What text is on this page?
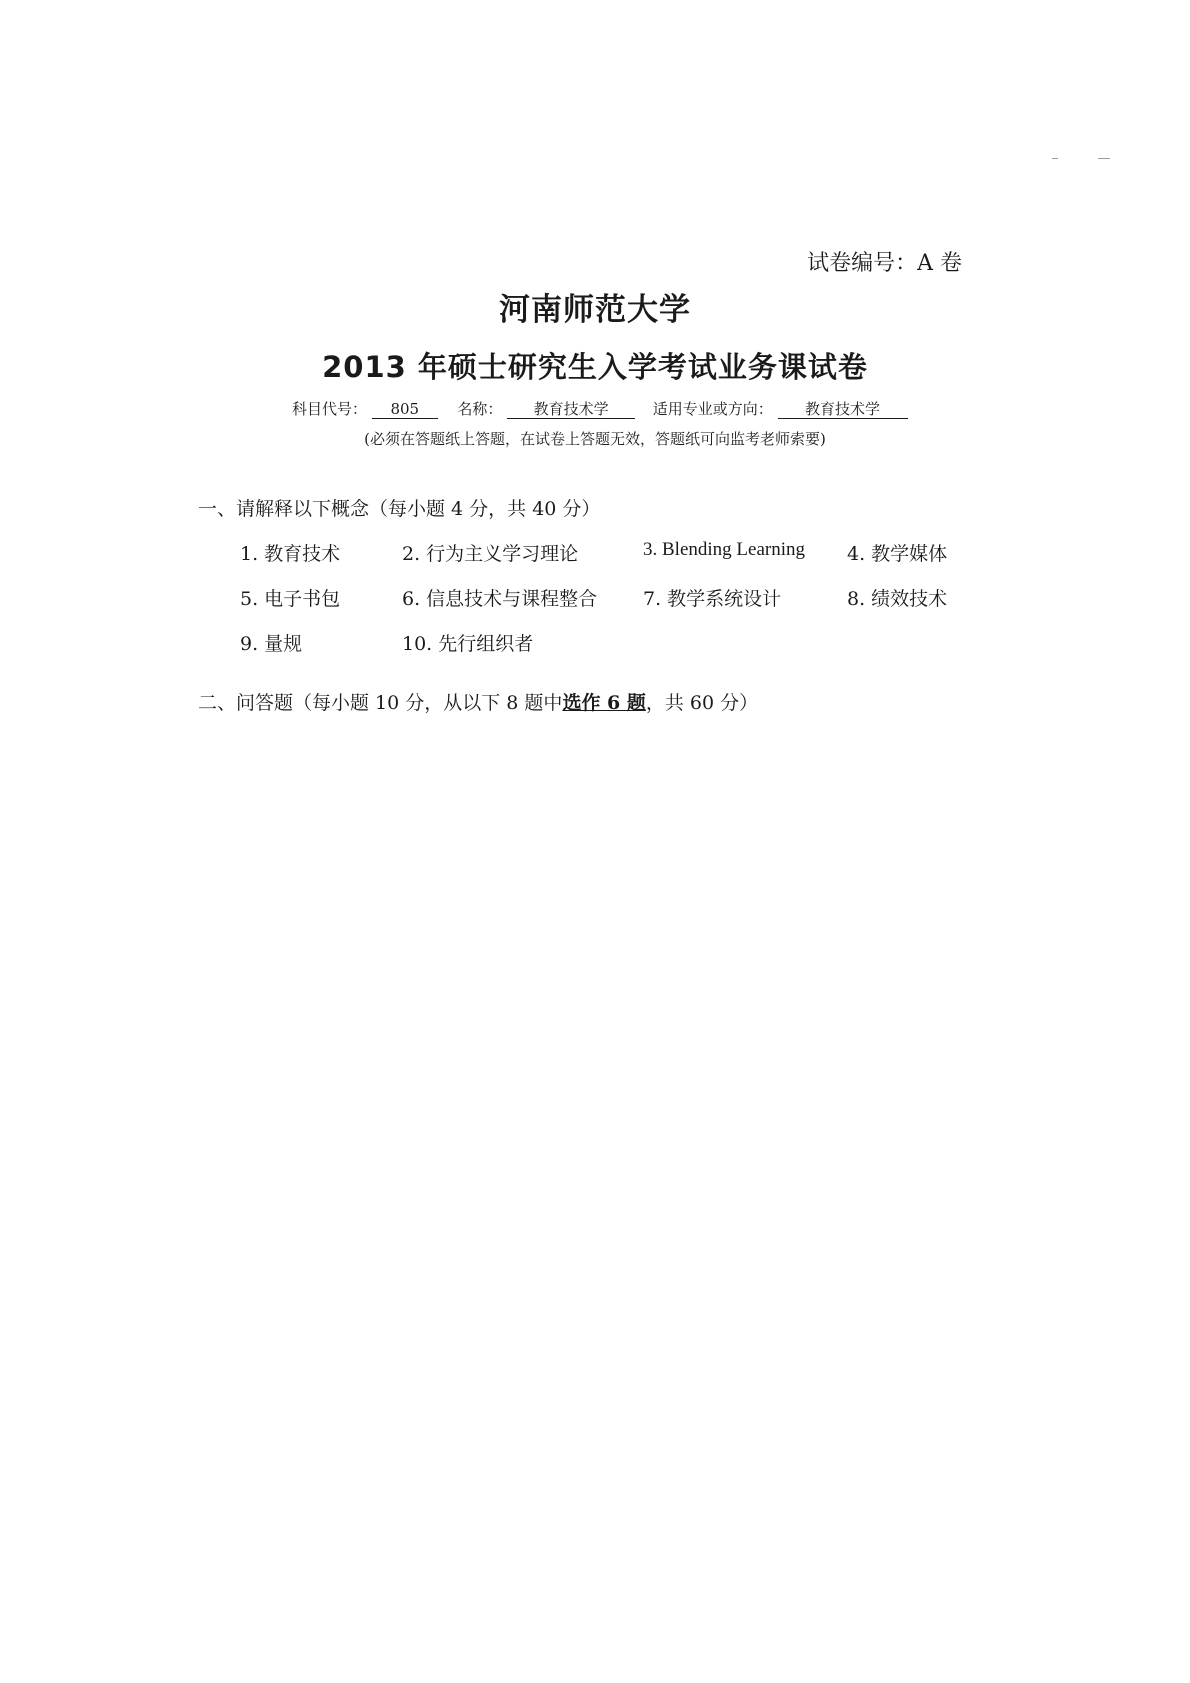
试卷编号：A 卷
河南师范大学
2013 年硕士研究生入学考试业务课试卷
科目代号： 805	名称： 教育技术学	适用专业或方向： 教育技术学
(必须在答题纸上答题，在试卷上答题无效，答题纸可向监考老师索要)
一、请解释以下概念（每小题 4 分，共 40 分）
1. 教育技术	2. 行为主义学习理论	3. Blending Learning 4. 教学媒体
5. 电子书包	6. 信息技术与课程整合 7. 教学系统设计	8. 绩效技术
9. 量规	10. 先行组织者
二、问答题（每小题 10 分，从以下 8 题中选作 6 题，共 60 分）
